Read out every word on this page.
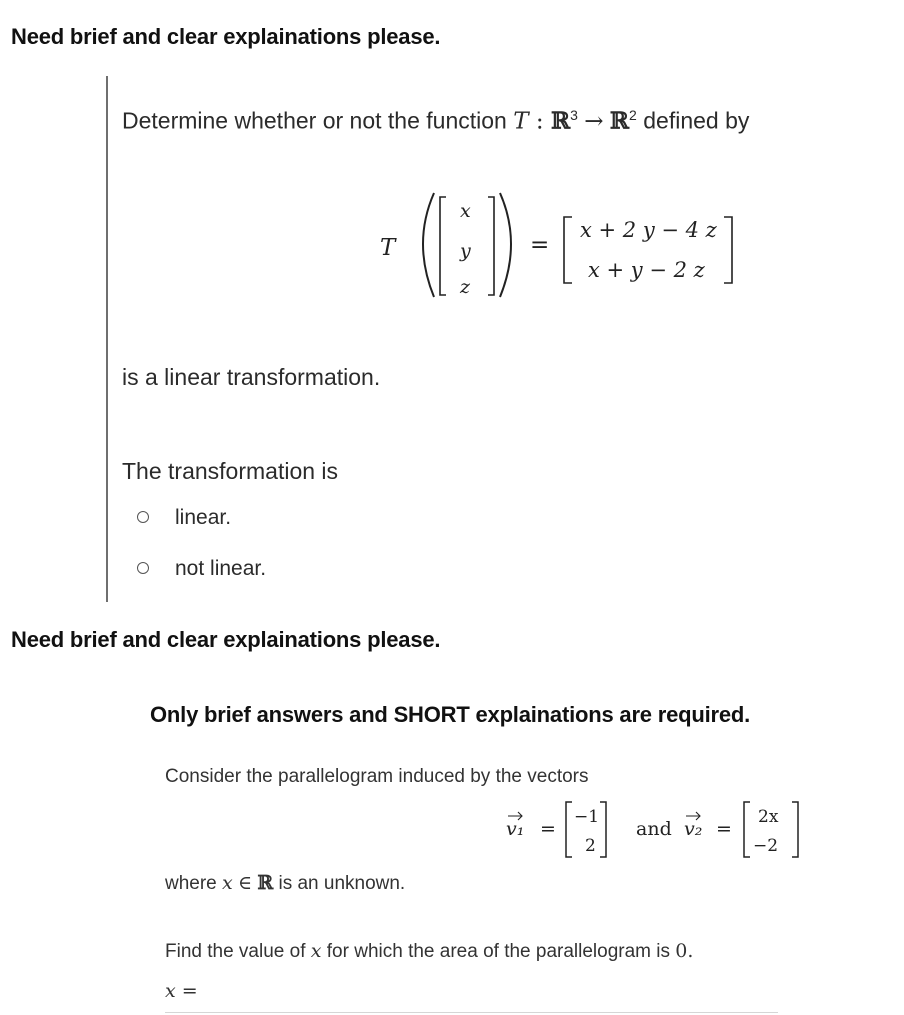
Need brief and clear explainations please.
Determine whether or not the function T : ℝ$^3$ → ℝ$^2$ defined by
T
x
y
z
=
x + 2 y − 4 z
x + y − 2 z
is a linear transformation.
The transformation is
linear.
not linear.
Need brief and clear explainations please.
Only brief answers and SHORT explainations are required.
Consider the parallelogram induced by the vectors
v₁ =
−1
2
and v₂ =
2x
−2
where x ∈ ℝ is an unknown.
Find the value of x for which the area of the parallelogram is 0.
x =
